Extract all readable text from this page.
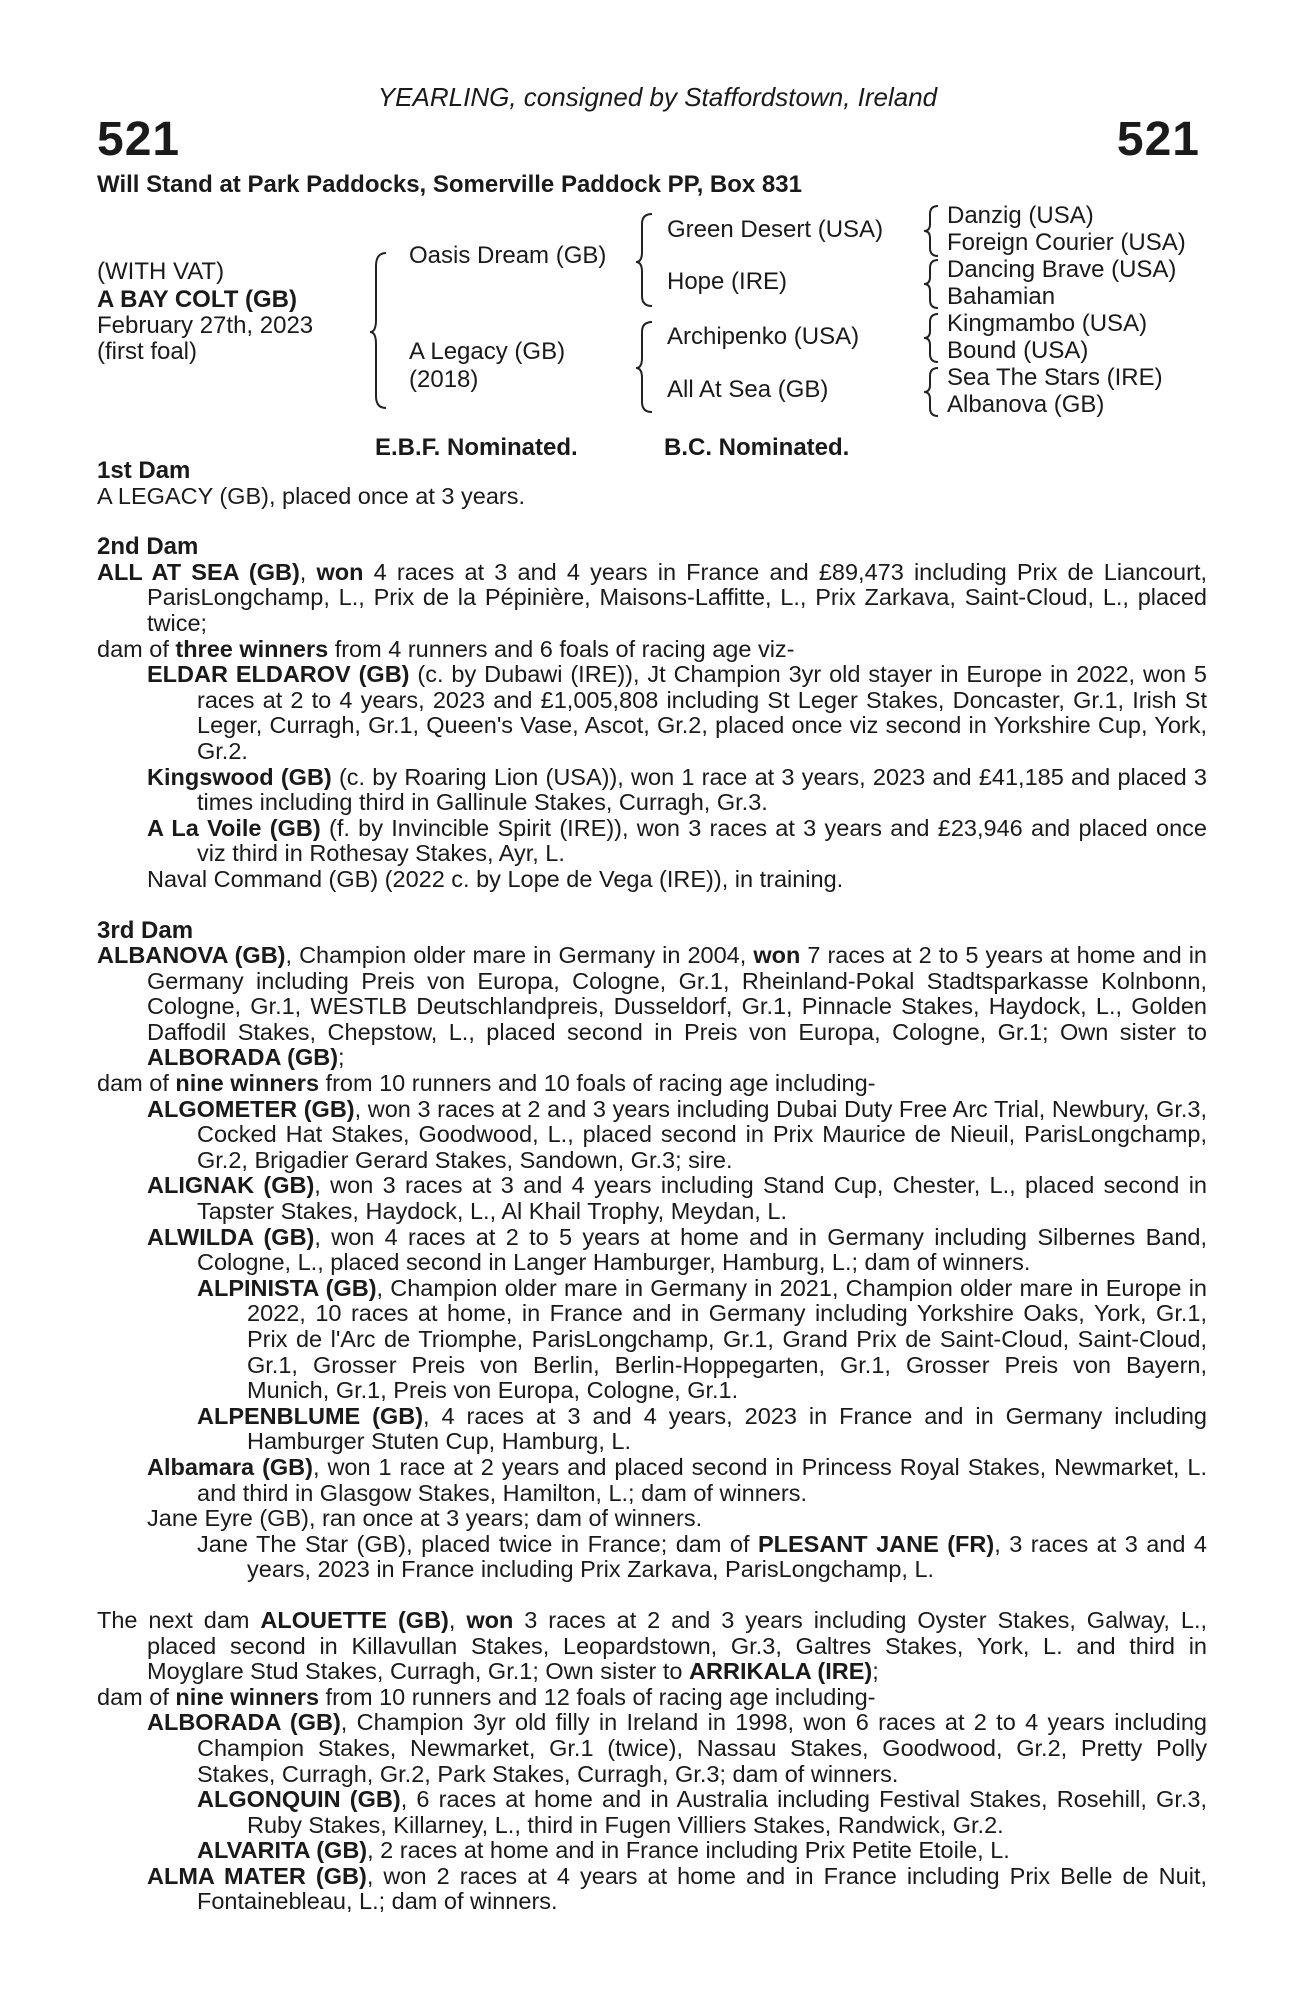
YEARLING, consigned by Staffordstown, Ireland
521	521
Will Stand at Park Paddocks, Somerville Paddock PP, Box 831
(WITH VAT)
A BAY COLT (GB)
February 27th, 2023
(first foal)
Oasis Dream (GB)
A Legacy (GB)
(2018)
Green Desert (USA)
Hope (IRE)
Archipenko (USA)
All At Sea (GB)
Danzig (USA)
Foreign Courier (USA)
Dancing Brave (USA)
Bahamian
Kingmambo (USA)
Bound (USA)
Sea The Stars (IRE)
Albanova (GB)
E.B.F. Nominated.	B.C. Nominated.

1st Dam

A LEGACY (GB), placed once at 3 years.

2nd Dam

ALL AT SEA (GB), won 4 races at 3 and 4 years in France and £89,473 including Prix de Liancourt, ParisLongchamp, L., Prix de la Pépinière, Maisons-Laffitte, L., Prix Zarkava, Saint-Cloud, L., placed twice;

dam of three winners from 4 runners and 6 foals of racing age viz-

ELDAR ELDAROV (GB) (c. by Dubawi (IRE)), Jt Champion 3yr old stayer in Europe in 2022, won 5 races at 2 to 4 years, 2023 and £1,005,808 including St Leger Stakes, Doncaster, Gr.1, Irish St Leger, Curragh, Gr.1, Queen's Vase, Ascot, Gr.2, placed once viz second in Yorkshire Cup, York, Gr.2.

Kingswood (GB) (c. by Roaring Lion (USA)), won 1 race at 3 years, 2023 and £41,185 and placed 3 times including third in Gallinule Stakes, Curragh, Gr.3.

A La Voile (GB) (f. by Invincible Spirit (IRE)), won 3 races at 3 years and £23,946 and placed once viz third in Rothesay Stakes, Ayr, L.

Naval Command (GB) (2022 c. by Lope de Vega (IRE)), in training.

3rd Dam

ALBANOVA (GB), Champion older mare in Germany in 2004, won 7 races at 2 to 5 years at home and in Germany including Preis von Europa, Cologne, Gr.1, Rheinland-Pokal Stadtsparkasse Kolnbonn, Cologne, Gr.1, WESTLB Deutschlandpreis, Dusseldorf, Gr.1, Pinnacle Stakes, Haydock, L., Golden Daffodil Stakes, Chepstow, L., placed second in Preis von Europa, Cologne, Gr.1; Own sister to ALBORADA (GB);

dam of nine winners from 10 runners and 10 foals of racing age including-

ALGOMETER (GB), won 3 races at 2 and 3 years including Dubai Duty Free Arc Trial, Newbury, Gr.3, Cocked Hat Stakes, Goodwood, L., placed second in Prix Maurice de Nieuil, ParisLongchamp, Gr.2, Brigadier Gerard Stakes, Sandown, Gr.3; sire.

ALIGNAK (GB), won 3 races at 3 and 4 years including Stand Cup, Chester, L., placed second in Tapster Stakes, Haydock, L., Al Khail Trophy, Meydan, L.

ALWILDA (GB), won 4 races at 2 to 5 years at home and in Germany including Silbernes Band, Cologne, L., placed second in Langer Hamburger, Hamburg, L.; dam of winners.

ALPINISTA (GB), Champion older mare in Germany in 2021, Champion older mare in Europe in 2022, 10 races at home, in France and in Germany including Yorkshire Oaks, York, Gr.1, Prix de l'Arc de Triomphe, ParisLongchamp, Gr.1, Grand Prix de Saint-Cloud, Saint-Cloud, Gr.1, Grosser Preis von Berlin, Berlin-Hoppegarten, Gr.1, Grosser Preis von Bayern, Munich, Gr.1, Preis von Europa, Cologne, Gr.1.

ALPENBLUME (GB), 4 races at 3 and 4 years, 2023 in France and in Germany including Hamburger Stuten Cup, Hamburg, L.

Albamara (GB), won 1 race at 2 years and placed second in Princess Royal Stakes, Newmarket, L. and third in Glasgow Stakes, Hamilton, L.; dam of winners.

Jane Eyre (GB), ran once at 3 years; dam of winners.

Jane The Star (GB), placed twice in France; dam of PLESANT JANE (FR), 3 races at 3 and 4 years, 2023 in France including Prix Zarkava, ParisLongchamp, L.

The next dam ALOUETTE (GB), won 3 races at 2 and 3 years including Oyster Stakes, Galway, L., placed second in Killavullan Stakes, Leopardstown, Gr.3, Galtres Stakes, York, L. and third in Moyglare Stud Stakes, Curragh, Gr.1; Own sister to ARRIKALA (IRE);

dam of nine winners from 10 runners and 12 foals of racing age including-

ALBORADA (GB), Champion 3yr old filly in Ireland in 1998, won 6 races at 2 to 4 years including Champion Stakes, Newmarket, Gr.1 (twice), Nassau Stakes, Goodwood, Gr.2, Pretty Polly Stakes, Curragh, Gr.2, Park Stakes, Curragh, Gr.3; dam of winners.

ALGONQUIN (GB), 6 races at home and in Australia including Festival Stakes, Rosehill, Gr.3, Ruby Stakes, Killarney, L., third in Fugen Villiers Stakes, Randwick, Gr.2.

ALVARITA (GB), 2 races at home and in France including Prix Petite Etoile, L.

ALMA MATER (GB), won 2 races at 4 years at home and in France including Prix Belle de Nuit, Fontainebleau, L.; dam of winners.
